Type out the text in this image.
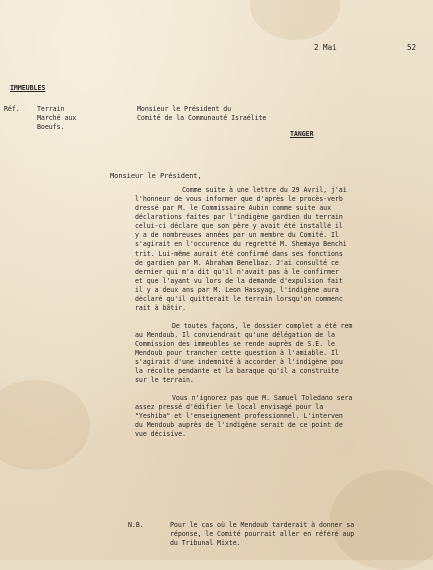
2 Mai	52
IMMEUBLES
Réf.	Terrain
Marché aux
Boeufs.
Monsieur le Président du
Comité de la Communauté Israélite
TANGER
Monsieur le Président,
Comme suite à une lettre du 29 Avril, j'ai
l'honneur de vous informer que d'après le procès-verb
dressé par M. le Commissaire Aubin comme suite aux
déclarations faites par l'indigène gardien du terrain
celui-ci déclare que son père y avait été installé il
y a de nombreuses années par un membre du Comité. Il
s'agirait en l'occurence du regretté M. Shemaya Benchi
trit. Lui-même aurait été confirmé dans ses fonctions
de gardien par M. Abraham Benelbaz. J'ai consulté ce
dernier qui m'a dit qu'il n'avait pas à le confirmer
et que l'ayant vu lors de la demande d'expulsion fait
il y a deux ans par M. Leon Hassyag, l'indigène aura
déclaré qu'il quitterait le terrain lorsqu'on commenc
rait à bâtir.
De toutes façons, le dossier complet a été rem
au Mendoub. Il conviendrait qu'une délégation de la
Commission des immeubles se rende auprès de S.E. le
Mendoub pour trancher cette question à l'amiable. Il
s'agirait d'une indemnité à accorder à l'indigène pou
la récolte pendante et la baraque qu'il a construite
sur le terrain.
Vous n'ignorez pas que M. Samuel Toledano sera
assez pressé d'édifier le local envisagé pour la
"Yeshiba" et l'enseignement professionnel. L'interven
du Mendoub auprès de l'indigène serait de ce point de
vue décisive.
N.B.	Pour le cas où le Mendoub tarderait à donner sa
réponse, le Comité pourrait aller en référé aup
du Tribunal Mixte.
